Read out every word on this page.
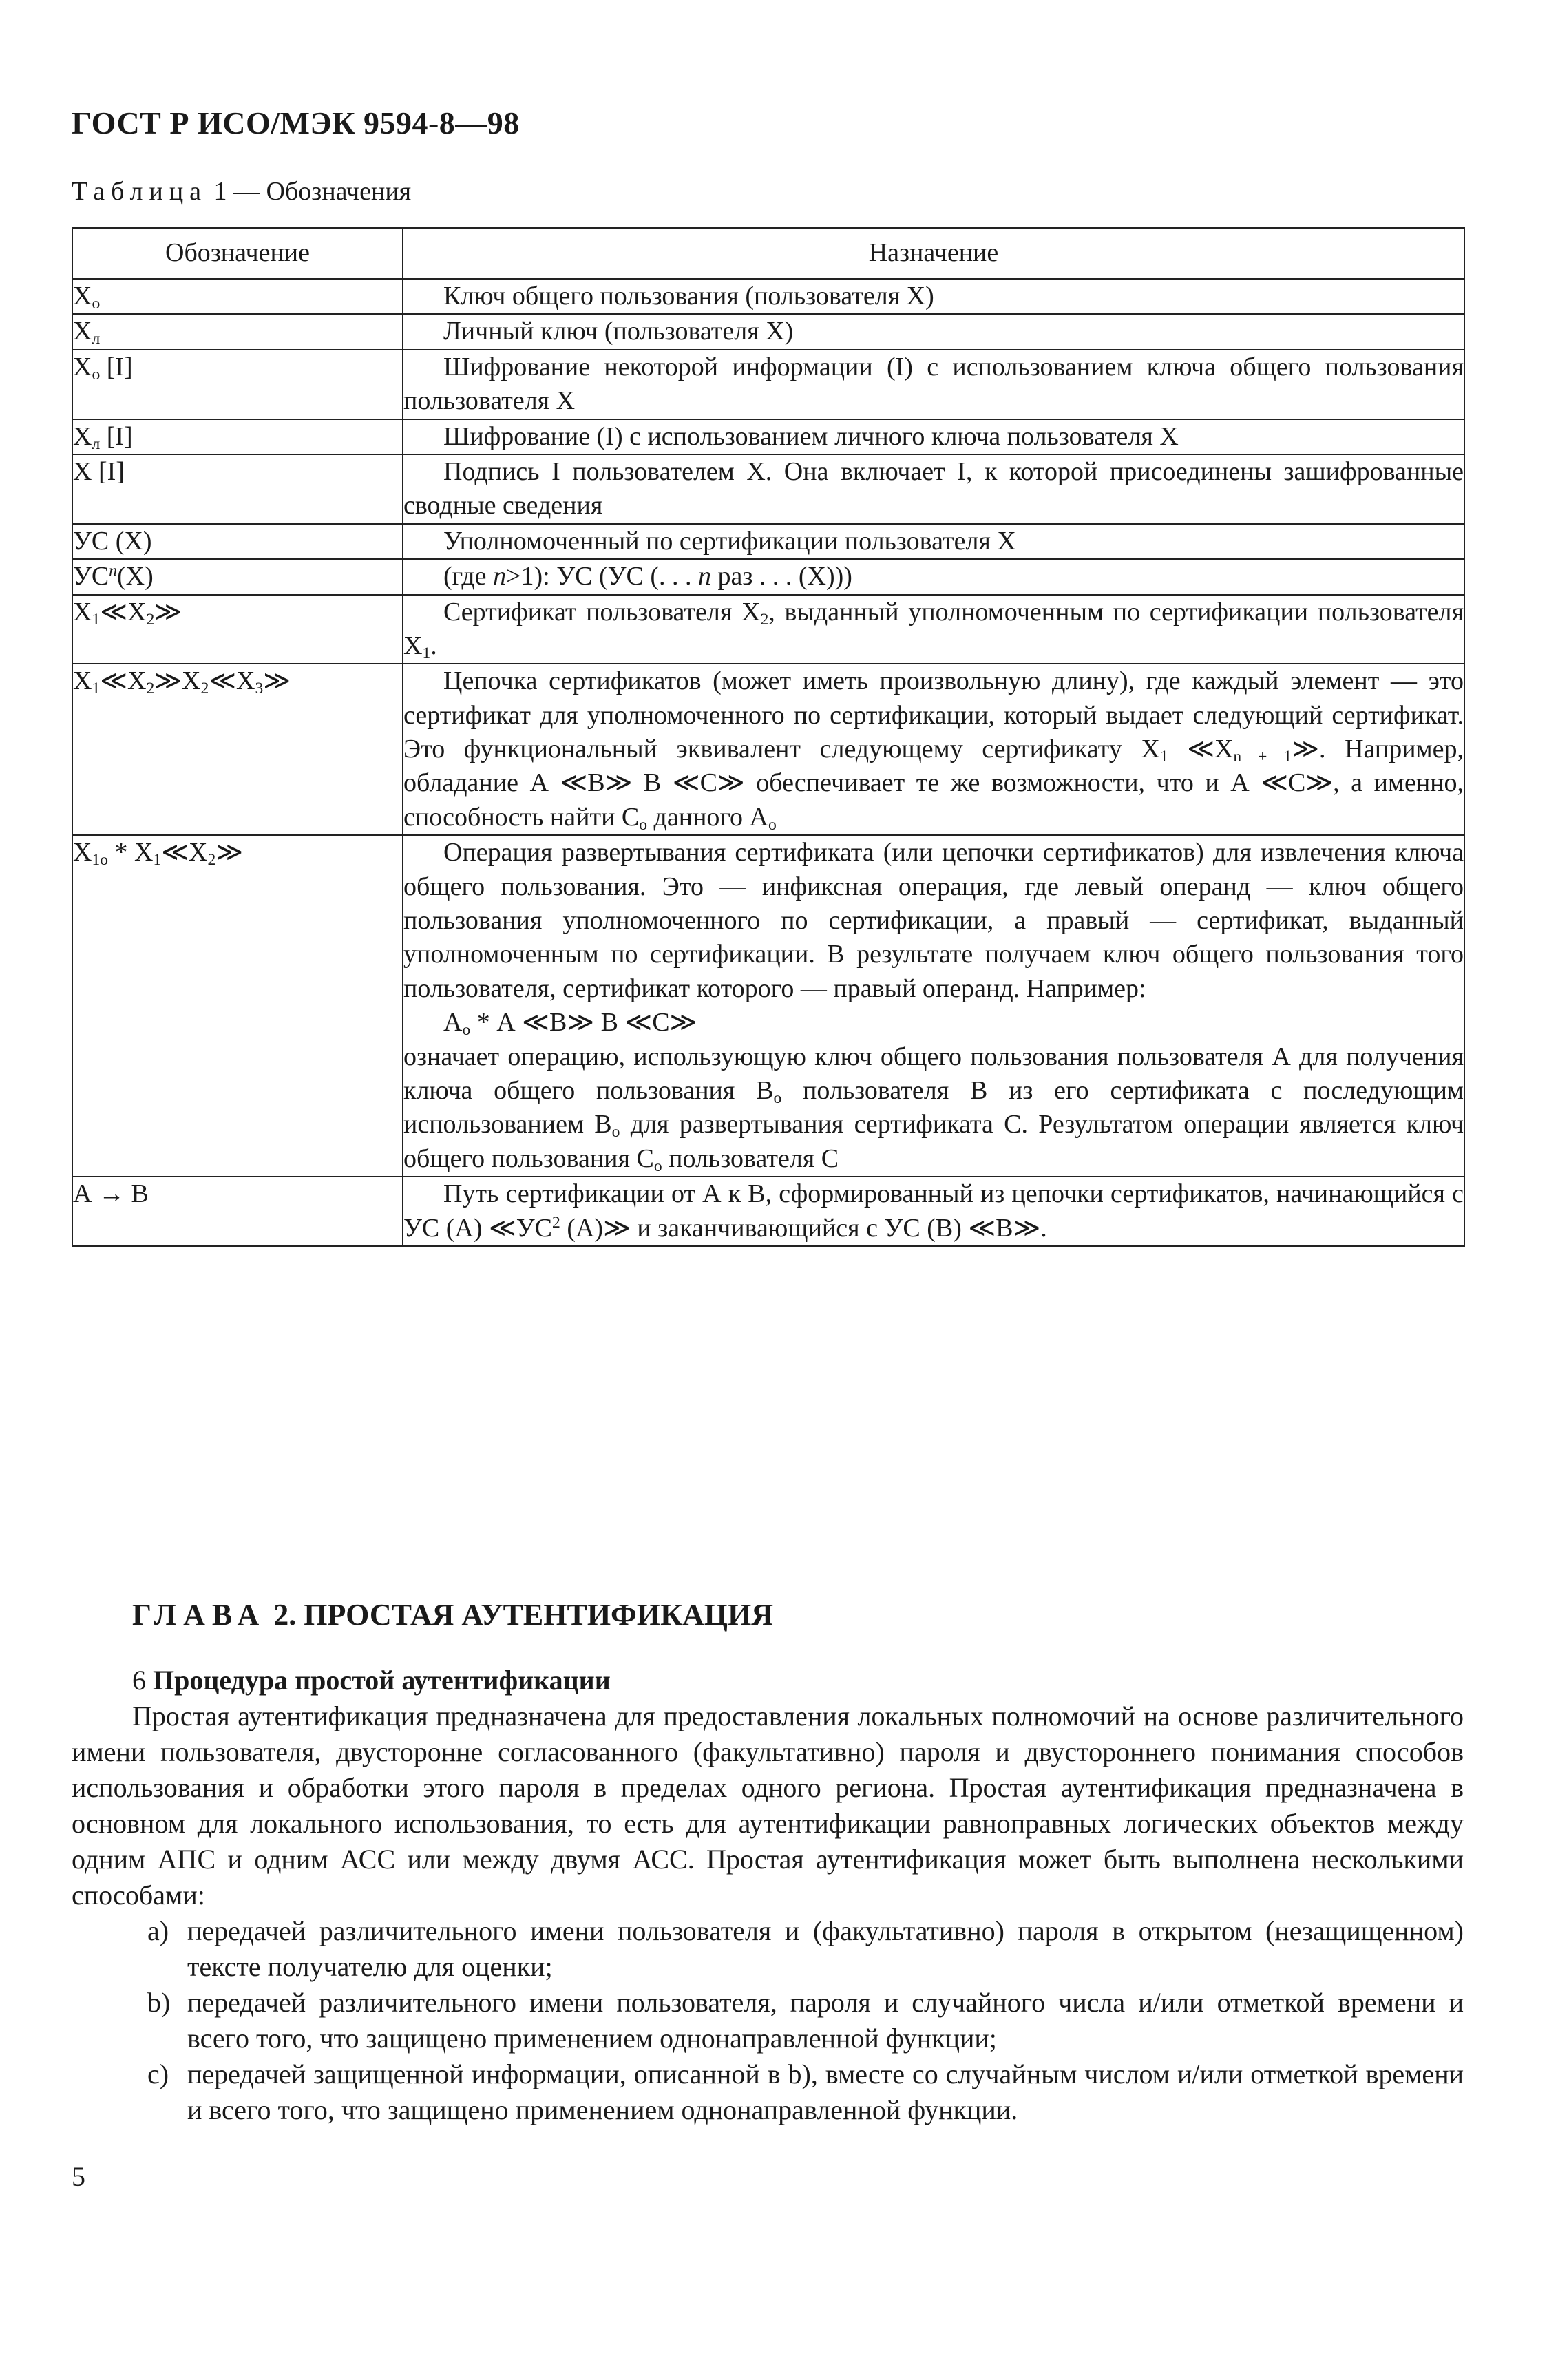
ГОСТ Р ИСО/МЭК 9594-8—98
Таблица 1 — Обозначения
Обозначение	Назначение
$X_о$	Ключ общего пользования (пользователя X)

$X_л$	Личный ключ (пользователя X)

$X_о$ [I]	Шифрование некоторой информации (I) с использованием ключа общего пользования пользователя X

$X_л$ [I]	Шифрование (I) с использованием личного ключа пользователя X

X [I]	Подпись I пользователем X. Она включает I, к которой присоединены зашифрованные сводные сведения

УС (X)	Уполномоченный по сертификации пользователя X

$УС^n(X)$	(где n>1): УС (УС (. . . n раз . . . (X)))

$X_1≪X_2≫$	Сертификат пользователя $X_2$, выданный уполномоченным по сертификации пользователя $X_1$.

$X_1≪X_2≫X_2≪X_3≫$	Цепочка сертификатов (может иметь произвольную длину), где каждый элемент — это сертификат для уполномоченного по сертификации, который выдает следующий сертификат. Это функциональный эквивалент следующему сертификату $X_1$ $≪X_{n + 1}≫$. Например, обладание А ≪В≫ В ≪С≫ обеспечивает те же возможности, что и А ≪С≫, а именно, способность найти $С_о$ данного $А_о$

$X_{1о}$ * $X_1≪X_2≫$	Операция развертывания сертификата (или цепочки сертификатов) для извлечения ключа общего пользования. Это — инфиксная операция, где левый операнд — ключ общего пользования уполномоченного по сертификации, а правый — сертификат, выданный уполномоченным по сертификации. В результате получаем ключ общего пользования того пользователя, сертификат которого — правый операнд. Например:

$А_о$ * А ≪В≫ В ≪С≫

означает операцию, использующую ключ общего пользования пользователя А для получения ключа общего пользования $В_о$ пользователя В из его сертификата с последующим использованием $В_о$ для развертывания сертификата С. Результатом операции является ключ общего пользования $С_о$ пользователя С

А → В	Путь сертификации от А к В, сформированный из цепочки сертификатов, начинающийся с УС (А) $≪УС^2$ (А)≫ и заканчивающийся с УС (В) ≪В≫.

ГЛАВА 2. ПРОСТАЯ АУТЕНТИФИКАЦИЯ
6 Процедура простой аутентификации

Простая аутентификация предназначена для предоставления локальных полномочий на основе различительного имени пользователя, двусторонне согласованного (факультативно) пароля и двустороннего понимания способов использования и обработки этого пароля в пределах одного региона. Простая аутентификация предназначена в основном для локального использования, то есть для аутентификации равноправных логических объектов между одним АПС и одним АСС или между двумя АСС. Простая аутентификация может быть выполнена несколькими способами:

а) передачей различительного имени пользователя и (факультативно) пароля в открытом (незащищенном) тексте получателю для оценки;
b) передачей различительного имени пользователя, пароля и случайного числа и/или отметкой времени и всего того, что защищено применением однонаправленной функции;
с) передачей защищенной информации, описанной в b), вместе со случайным числом и/или отметкой времени и всего того, что защищено применением однонаправленной функции.
5
